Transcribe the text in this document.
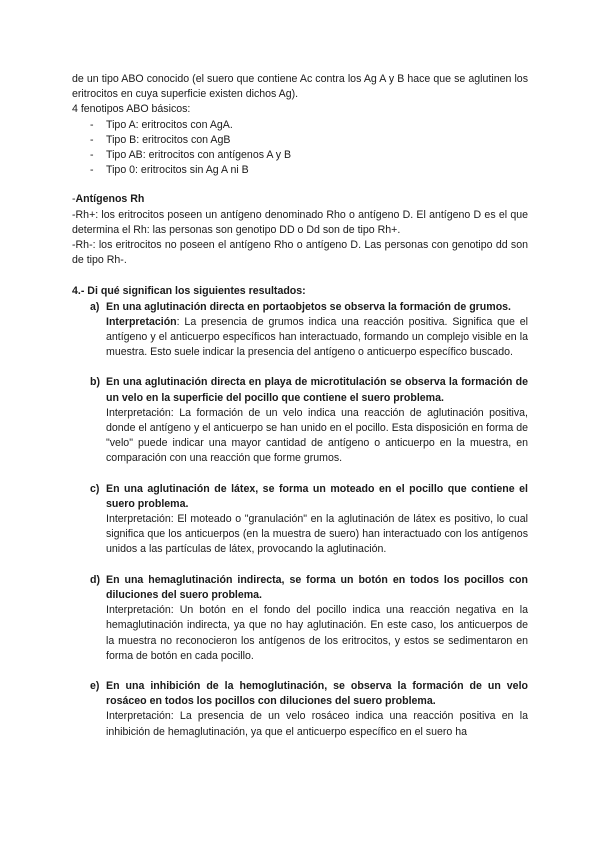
de un tipo ABO conocido (el suero que contiene Ac contra los Ag A y B hace que se aglutinen los eritrocitos en cuya superficie existen dichos Ag).

4 fenotipos ABO básicos:

- Tipo A: eritrocitos con AgA.
- Tipo B: eritrocitos con AgB
- Tipo AB: eritrocitos con antígenos A y B
- Tipo 0: eritrocitos sin Ag A ni B

-Antígenos Rh

-Rh+: los eritrocitos poseen un antígeno denominado Rho o antígeno D. El antígeno D es el que determina el Rh: las personas son genotipo DD o Dd son de tipo Rh+.

-Rh-: los eritrocitos no poseen el antígeno Rho o antígeno D. Las personas con genotipo dd son de tipo Rh-.

4.- Di qué significan los siguientes resultados:

a) En una aglutinación directa en portaobjetos se observa la formación de grumos.

Interpretación: La presencia de grumos indica una reacción positiva. Significa que el antígeno y el anticuerpo específicos han interactuado, formando un complejo visible en la muestra. Esto suele indicar la presencia del antígeno o anticuerpo específico buscado.

b) En una aglutinación directa en playa de microtitulación se observa la formación de un velo en la superficie del pocillo que contiene el suero problema.

Interpretación: La formación de un velo indica una reacción de aglutinación positiva, donde el antígeno y el anticuerpo se han unido en el pocillo. Esta disposición en forma de "velo" puede indicar una mayor cantidad de antígeno o anticuerpo en la muestra, en comparación con una reacción que forme grumos.

c) En una aglutinación de látex, se forma un moteado en el pocillo que contiene el suero problema.

Interpretación: El moteado o "granulación" en la aglutinación de látex es positivo, lo cual significa que los anticuerpos (en la muestra de suero) han interactuado con los antígenos unidos a las partículas de látex, provocando la aglutinación.

d) En una hemaglutinación indirecta, se forma un botón en todos los pocillos con diluciones del suero problema.

Interpretación: Un botón en el fondo del pocillo indica una reacción negativa en la hemaglutinación indirecta, ya que no hay aglutinación. En este caso, los anticuerpos de la muestra no reconocieron los antígenos de los eritrocitos, y estos se sedimentaron en forma de botón en cada pocillo.

e) En una inhibición de la hemoglutinación, se observa la formación de un velo rosáceo en todos los pocillos con diluciones del suero problema.

Interpretación: La presencia de un velo rosáceo indica una reacción positiva en la inhibición de hemaglutinación, ya que el anticuerpo específico en el suero ha
